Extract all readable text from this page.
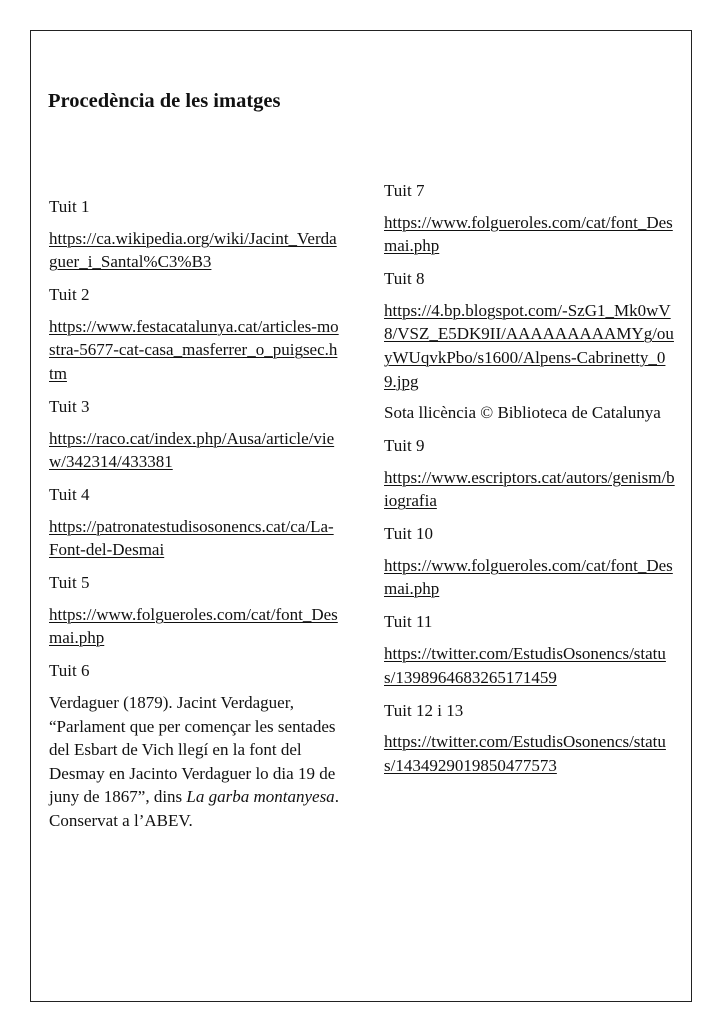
Procedència de les imatges
Tuit 1
https://ca.wikipedia.org/wiki/Jacint_Verdaguer_i_Santal%C3%B3
Tuit 2
https://www.festacatalunya.cat/articles-mostra-5677-cat-casa_masferrer_o_puigsec.htm
Tuit 3
https://raco.cat/index.php/Ausa/article/view/342314/433381
Tuit 4
https://patronatestudisosonencs.cat/ca/La-Font-del-Desmai
Tuit 5
https://www.folgueroles.com/cat/font_Desmai.php
Tuit 6
Verdaguer (1879). Jacint Verdaguer, “Parlament que per començar les sentades del Esbart de Vich llegí en la font del Desmay en Jacinto Verdaguer lo dia 19 de juny de 1867”, dins La garba montanyesa. Conservat a l’ABEV.
Tuit 7
https://www.folgueroles.com/cat/font_Desmai.php
Tuit 8
https://4.bp.blogspot.com/-SzG1_Mk0wV8/VSZ_E5DK9II/AAAAAAAAAMYg/ouyWUqvkPbo/s1600/Alpens-Cabrinetty_09.jpg
Sota llicència © Biblioteca de Catalunya
Tuit 9
https://www.escriptors.cat/autors/genism/biografia
Tuit 10
https://www.folgueroles.com/cat/font_Desmai.php
Tuit 11
https://twitter.com/EstudisOsonencs/status/1398964683265171459
Tuit 12 i 13
https://twitter.com/EstudisOsonencs/status/1434929019850477573
